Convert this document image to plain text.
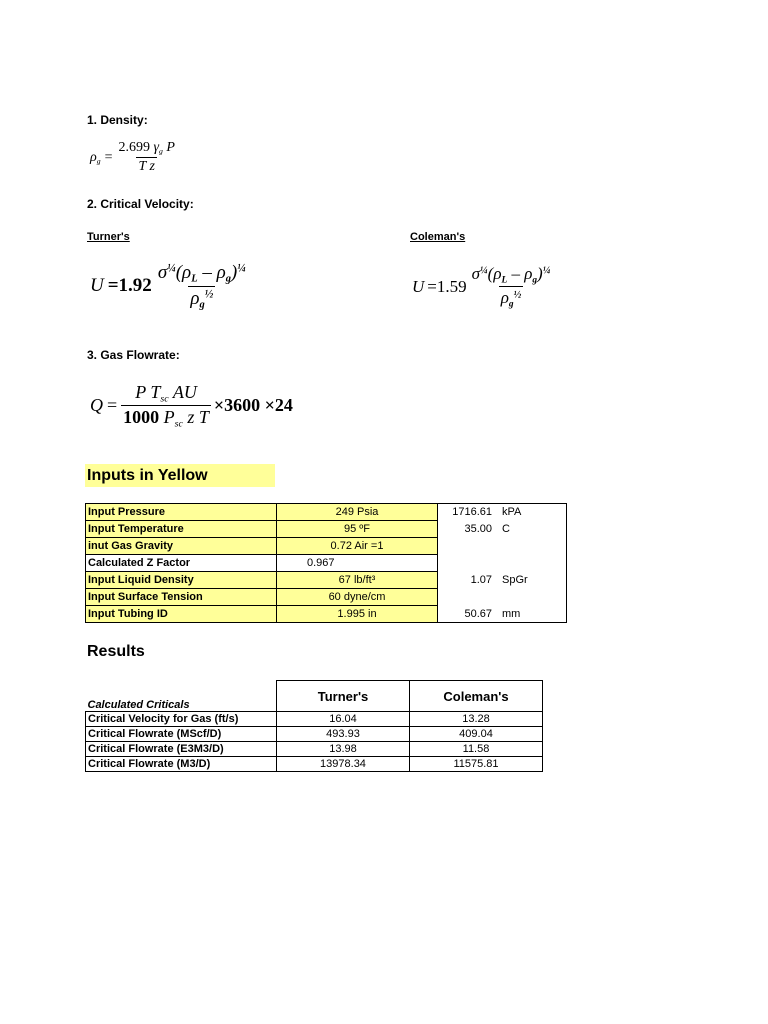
1. Density:
$\rho_g = \frac{2.699 \gamma_g P}{\text{T z}}$
2. Critical Velocity:
Turner's	Coleman's
$U =1.92 \frac{\sigma^{\frac{1}{4}}(\rho_L - \rho_g)^{\frac{1}{4}}}{\rho_g^{\frac{1}{2}}}$	$U =1.59 \frac{\sigma^{\frac{1}{4}}(\rho_L - \rho_g)^{\frac{1}{4}}}{\rho_g^{\frac{1}{2}}}$
3. Gas Flowrate:
$Q = \frac{P T_{sc} AU}{1000 P_{sc} z T} \times 3600 \times 24$
Inputs in Yellow
Input Pressure	249 Psia	1716.61 kPA
Input Temperature	95 ºF	35.00 C
inut Gas Gravity	0.72 Air =1	
Calculated Z Factor	0.967	
Input Liquid Density	67 lb/ft³	1.07 SpGr
Input Surface Tension	60 dyne/cm	
Input Tubing ID	1.995 in	50.67 mm
Results
Calculated Criticals	Turner's	Coleman's
Critical Velocity for Gas (ft/s)	16.04	13.28
Critical Flowrate (MScf/D)	493.93	409.04
Critical Flowrate (E3M3/D)	13.98	11.58
Critical Flowrate (M3/D)	13978.34	11575.81
